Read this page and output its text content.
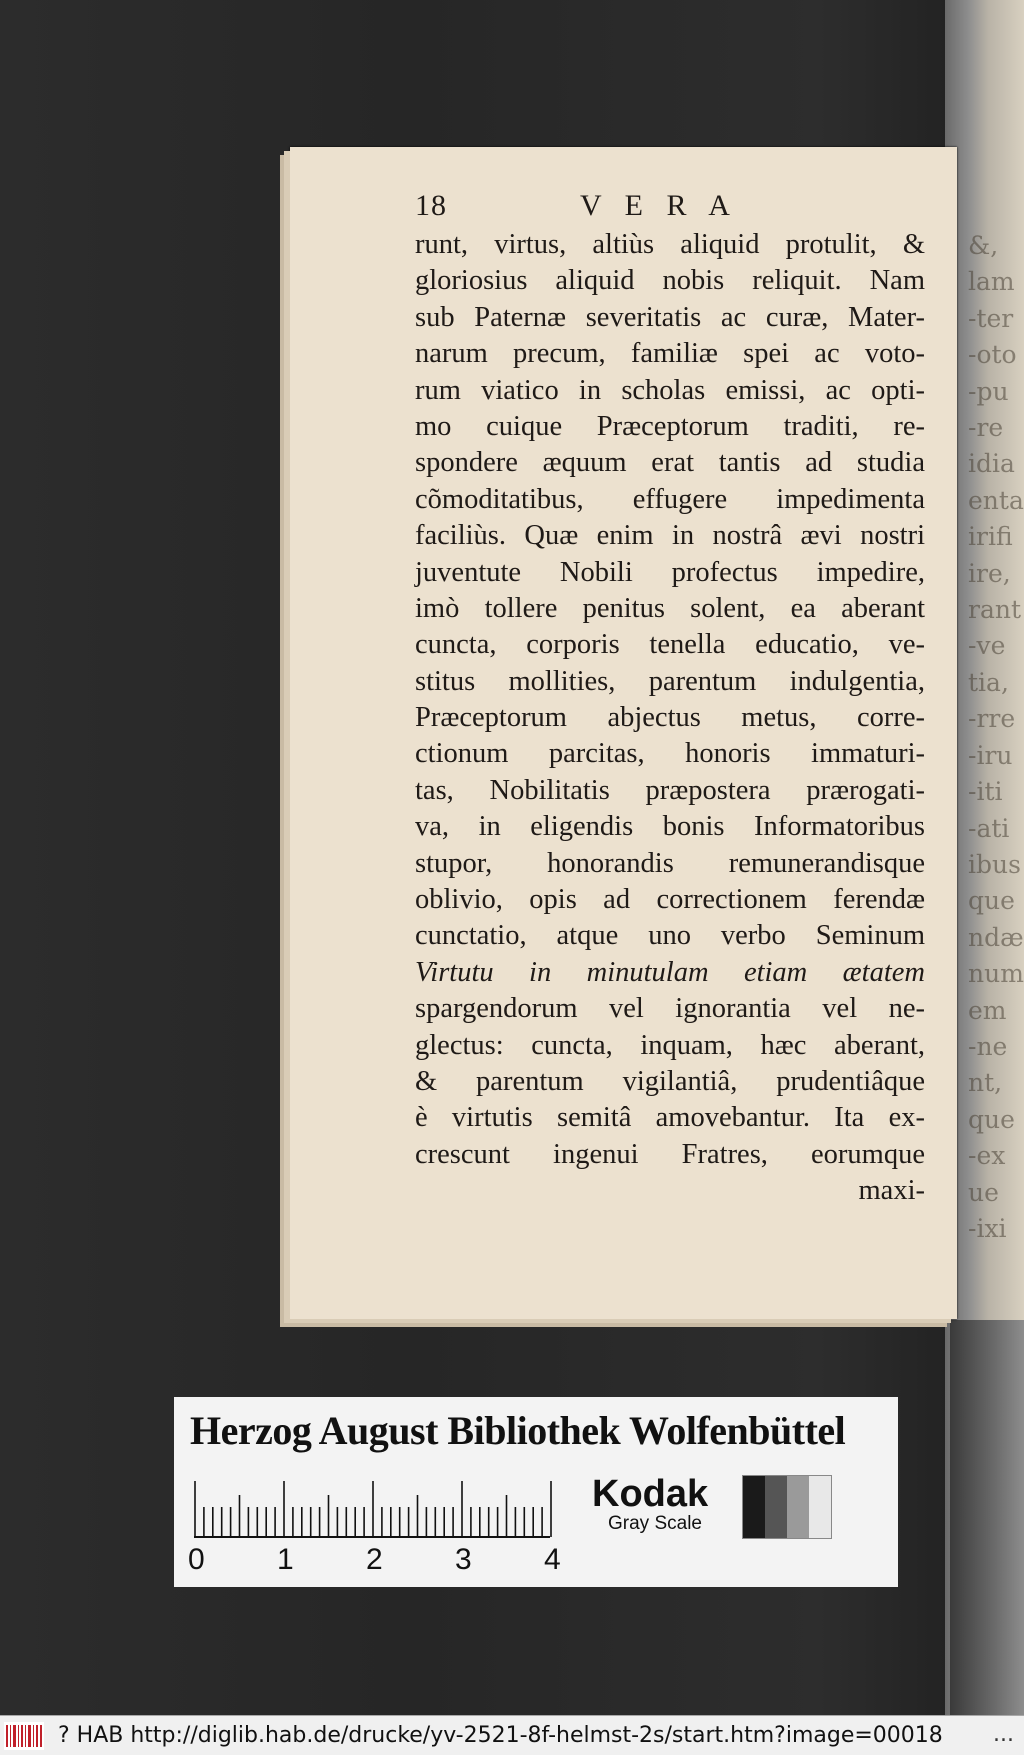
&,
lam
-ter
-oto
-pu
-re
idia
enta
irifi
ire,
rant
-ve
tia,
-rre
-iru
-iti
-ati
ibus
que
ndæ
num
em
-ne
nt,
que
-ex
ue
-ixi
18	V E R A
runt, virtus, altiùs aliquid protulit, &
gloriosius aliquid nobis reliquit. Nam
sub Paternæ severitatis ac curæ, Mater-
narum precum, familiæ spei ac voto-
rum viatico in scholas emissi, ac opti-
mo cuique Præceptorum traditi, re-
spondere æquum erat tantis ad studia
cõmoditatibus, effugere impedimenta
faciliùs. Quæ enim in nostrâ ævi nostri
juventute Nobili profectus impedire,
imò tollere penitus solent, ea aberant
cuncta, corporis tenella educatio, ve-
stitus mollities, parentum indulgentia,
Præceptorum abjectus metus, corre-
ctionum parcitas, honoris immaturi-
tas, Nobilitatis præpostera prærogati-
va, in eligendis bonis Informatoribus
stupor, honorandis remunerandisque
oblivio, opis ad correctionem ferendæ
cunctatio, atque uno verbo Seminum
Virtutu in minutulam etiam ætatem
spargendorum vel ignorantia vel ne-
glectus: cuncta, inquam, hæc aberant,
& parentum vigilantiâ, prudentiâque
è virtutis semitâ amovebantur. Ita ex-
crescunt ingenui Fratres, eorumque
maxi-
Herzog August Bibliothek Wolfenbüttel
0 1 2 3 4
Kodak
Gray Scale
? HAB http://diglib.hab.de/drucke/yv-2521-8f-helmst-2s/start.htm?image=00018 ...
